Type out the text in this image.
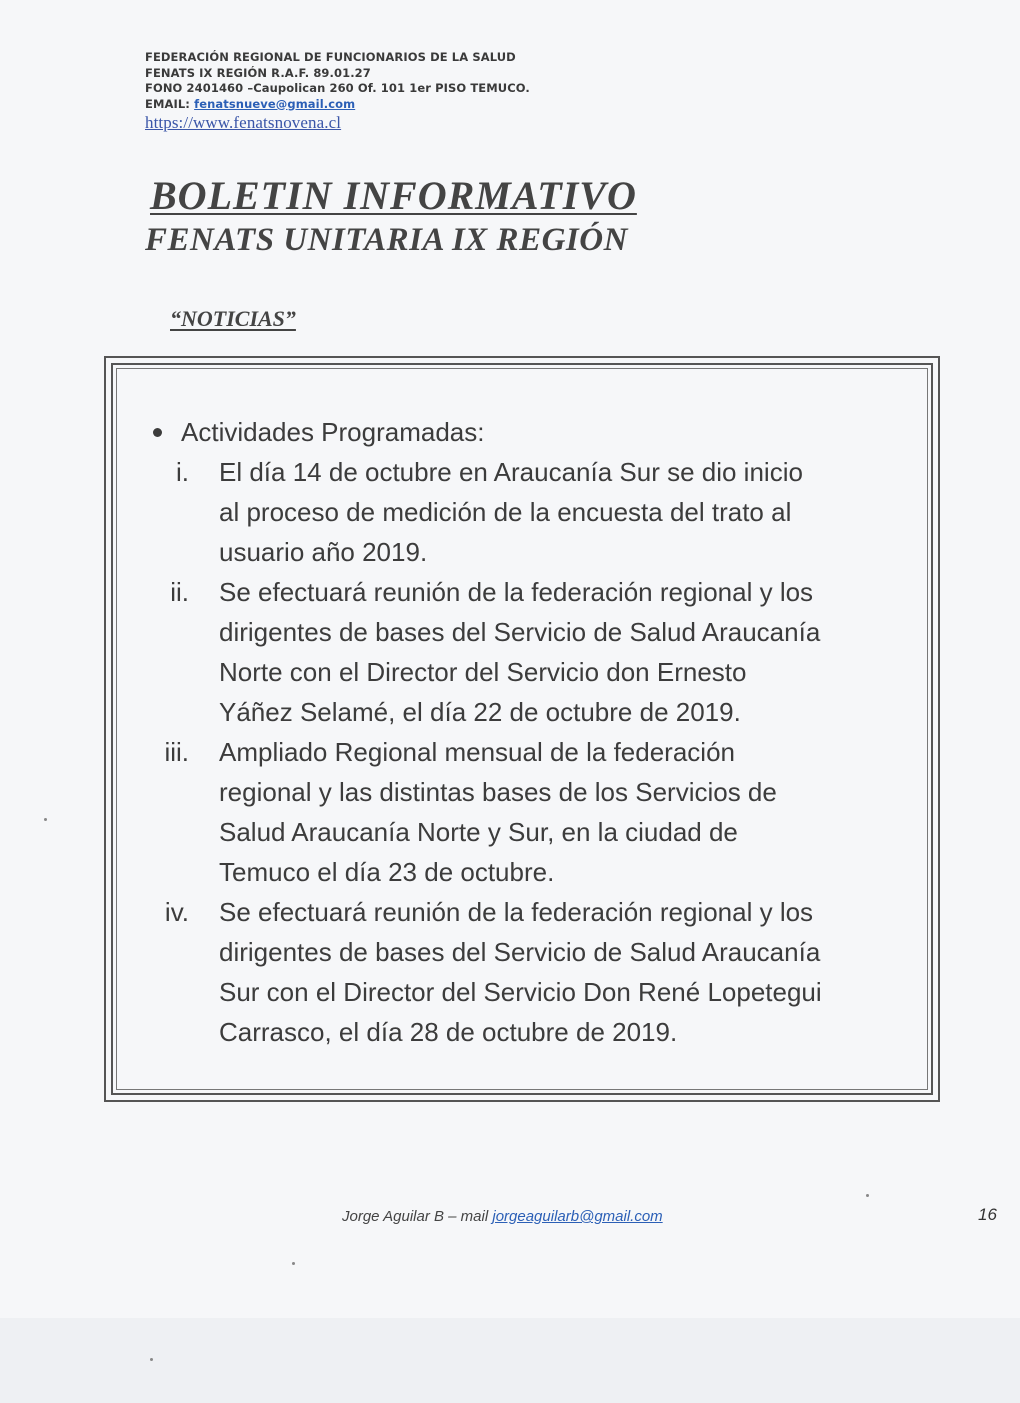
FEDERACIÓN REGIONAL DE FUNCIONARIOS DE LA SALUD
FENATS IX REGIÓN R.A.F. 89.01.27
FONO 2401460 –Caupolican 260 Of. 101 1er PISO TEMUCO.
EMAIL: fenatsnueve@gmail.com
https://www.fenatsnovena.cl
BOLETIN INFORMATIVO
FENATS UNITARIA IX REGIÓN
“NOTICIAS”
Actividades Programadas:
i. El día 14 de octubre en Araucanía Sur se dio inicio
al proceso de medición de la encuesta del trato al
usuario año 2019.
ii. Se efectuará reunión de la federación regional y los
dirigentes de bases del Servicio de Salud Araucanía
Norte con el Director del Servicio don Ernesto
Yáñez Selamé, el día 22 de octubre de 2019.
iii. Ampliado Regional mensual de la federación
regional y las distintas bases de los Servicios de
Salud Araucanía Norte y Sur, en la ciudad de
Temuco el día 23 de octubre.
iv. Se efectuará reunión de la federación regional y los
dirigentes de bases del Servicio de Salud Araucanía
Sur con el Director del Servicio Don René Lopetegui
Carrasco, el día 28 de octubre de 2019.
Jorge Aguilar B – mail jorgeaguilarb@gmail.com	16
